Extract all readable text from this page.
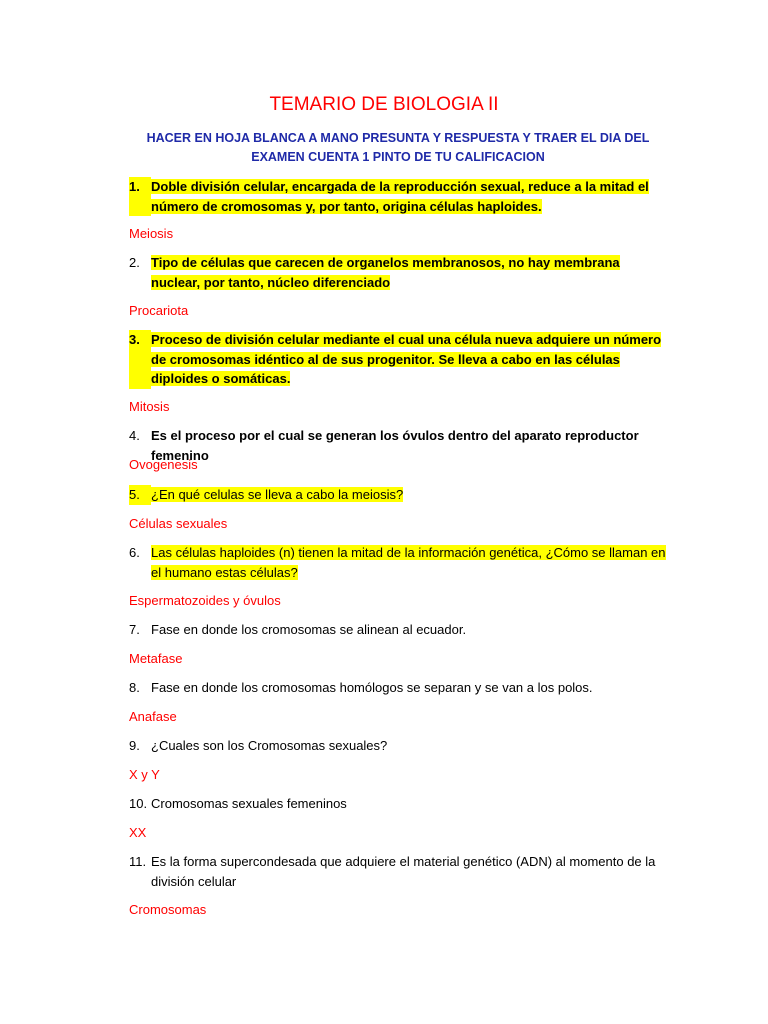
TEMARIO DE BIOLOGIA II
HACER EN HOJA BLANCA A MANO PRESUNTA Y RESPUESTA Y TRAER EL DIA DEL EXAMEN CUENTA 1 PINTO DE TU CALIFICACION
1. Doble división celular, encargada de la reproducción sexual, reduce a la mitad el número de cromosomas y, por tanto, origina células haploides.
Meiosis
2. Tipo de células que carecen de organelos membranosos, no hay membrana nuclear, por tanto, núcleo diferenciado
Procariota
3. Proceso de división celular mediante el cual una célula nueva adquiere un número de cromosomas idéntico al de sus progenitor. Se lleva a cabo en las células diploides o somáticas.
Mitosis
4. Es el proceso por el cual se generan los óvulos dentro del aparato reproductor femenino
Ovogenesis
5. ¿En qué celulas se lleva a cabo la meiosis?
Células sexuales
6. Las células haploides (n) tienen la mitad de la información genética, ¿Cómo se llaman en el humano estas células?
Espermatozoides y óvulos
7. Fase en donde los cromosomas se alinean al ecuador.
Metafase
8. Fase en donde los cromosomas homólogos se separan y se van a los polos.
Anafase
9. ¿Cuales son los Cromosomas sexuales?
X y Y
10. Cromosomas sexuales femeninos
XX
11. Es la forma supercondesada que adquiere el material genético (ADN) al momento de la división celular
Cromosomas
